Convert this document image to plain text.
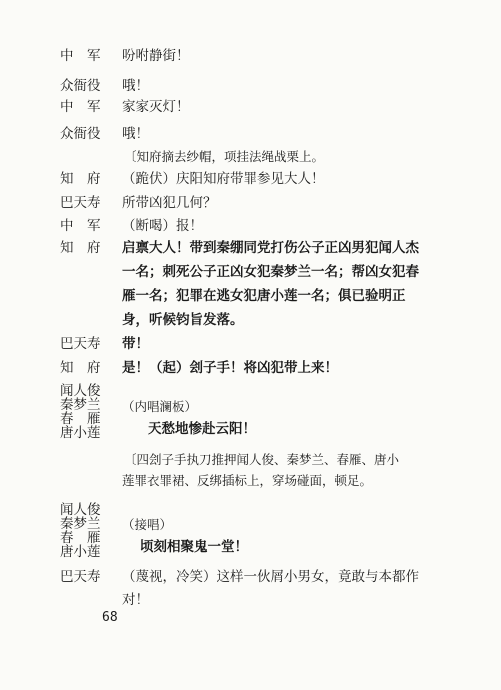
中　军 吩咐静街！
众衙役 哦！
中　军 家家灭灯！
众衙役 哦！
〔知府摘去纱帽，项挂法绳战栗上。
知　府 （跪伏）庆阳知府带罪参见大人！
巴天寿 所带凶犯几何？
中　军 （断喝）报！
知　府 启禀大人！带到秦绷同党打伤公子正凶男犯闻人杰
一名；刺死公子正凶女犯秦梦兰一名；帮凶女犯春
雁一名；犯罪在逃女犯唐小莲一名；俱已验明正
身，听候钧旨发落。
巴天寿 带！
知　府 是！（起）刽子手！将凶犯带上来！
闻人俊
秦梦兰
春　雁
唐小莲
（内唱澜板）
天愁地惨赴云阳！
〔四刽子手执刀推押闻人俊、秦梦兰、春雁、唐小
莲罪衣罪裙、反绑插标上，穿场碰面，顿足。
闻人俊
秦梦兰
春　雁
唐小莲
（接唱）
顷刻相聚鬼一堂！
巴天寿 （蔑视，冷笑）这样一伙屑小男女，竟敢与本都作
对！
68
